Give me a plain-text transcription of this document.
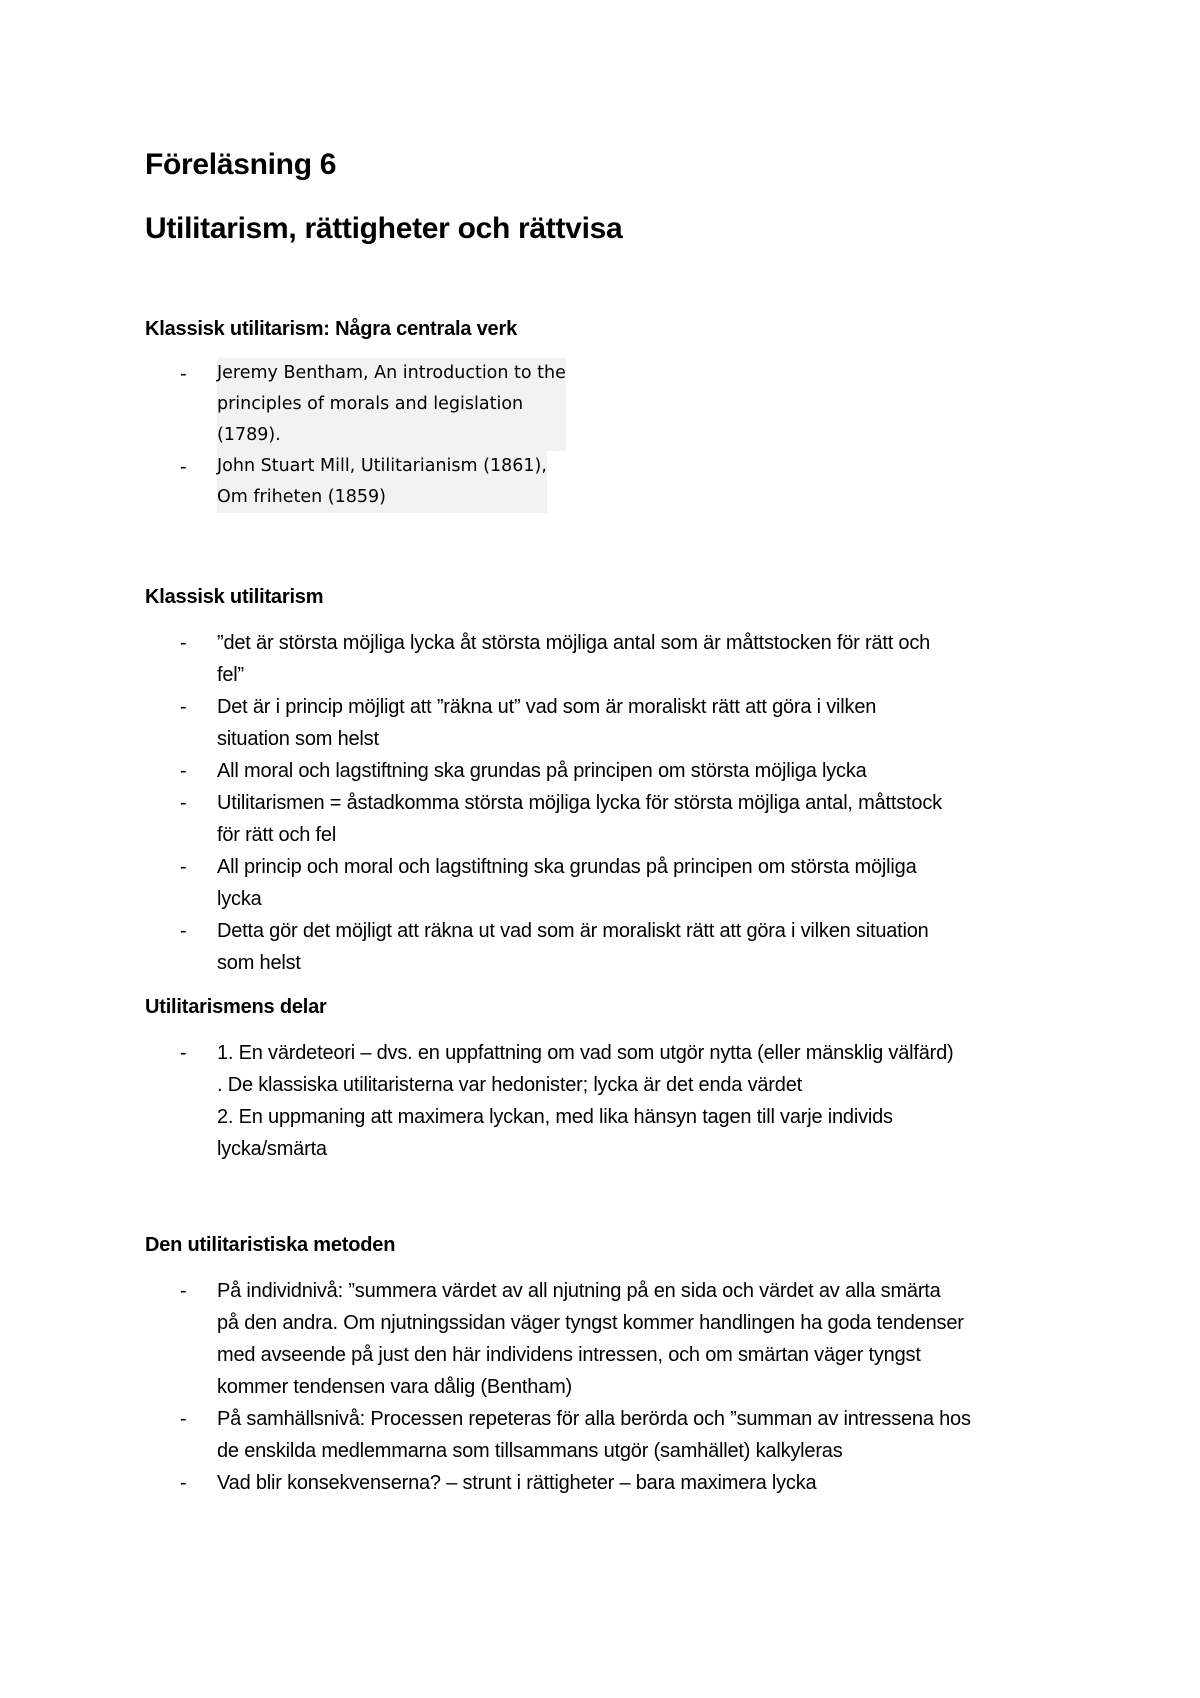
Föreläsning 6
Utilitarism, rättigheter och rättvisa
Klassisk utilitarism: Några centrala verk
- Jeremy Bentham, An introduction to the
principles of morals and legislation
(1789).
- John Stuart Mill, Utilitarianism (1861),
Om friheten (1859)
Klassisk utilitarism
- ”det är största möjliga lycka åt största möjliga antal som är måttstocken för rätt och
fel”
- Det är i princip möjligt att ”räkna ut” vad som är moraliskt rätt att göra i vilken
situation som helst
- All moral och lagstiftning ska grundas på principen om största möjliga lycka
- Utilitarismen = åstadkomma största möjliga lycka för största möjliga antal, måttstock
för rätt och fel
- All princip och moral och lagstiftning ska grundas på principen om största möjliga
lycka
- Detta gör det möjligt att räkna ut vad som är moraliskt rätt att göra i vilken situation
som helst
Utilitarismens delar
- 1. En värdeteori – dvs. en uppfattning om vad som utgör nytta (eller mänsklig välfärd)
. De klassiska utilitaristerna var hedonister; lycka är det enda värdet
2. En uppmaning att maximera lyckan, med lika hänsyn tagen till varje individs
lycka/smärta
Den utilitaristiska metoden
- På individnivå: ”summera värdet av all njutning på en sida och värdet av alla smärta
på den andra. Om njutningssidan väger tyngst kommer handlingen ha goda tendenser
med avseende på just den här individens intressen, och om smärtan väger tyngst
kommer tendensen vara dålig (Bentham)
- På samhällsnivå: Processen repeteras för alla berörda och ”summan av intressena hos
de enskilda medlemmarna som tillsammans utgör (samhället) kalkyleras
- Vad blir konsekvenserna? – strunt i rättigheter – bara maximera lycka
